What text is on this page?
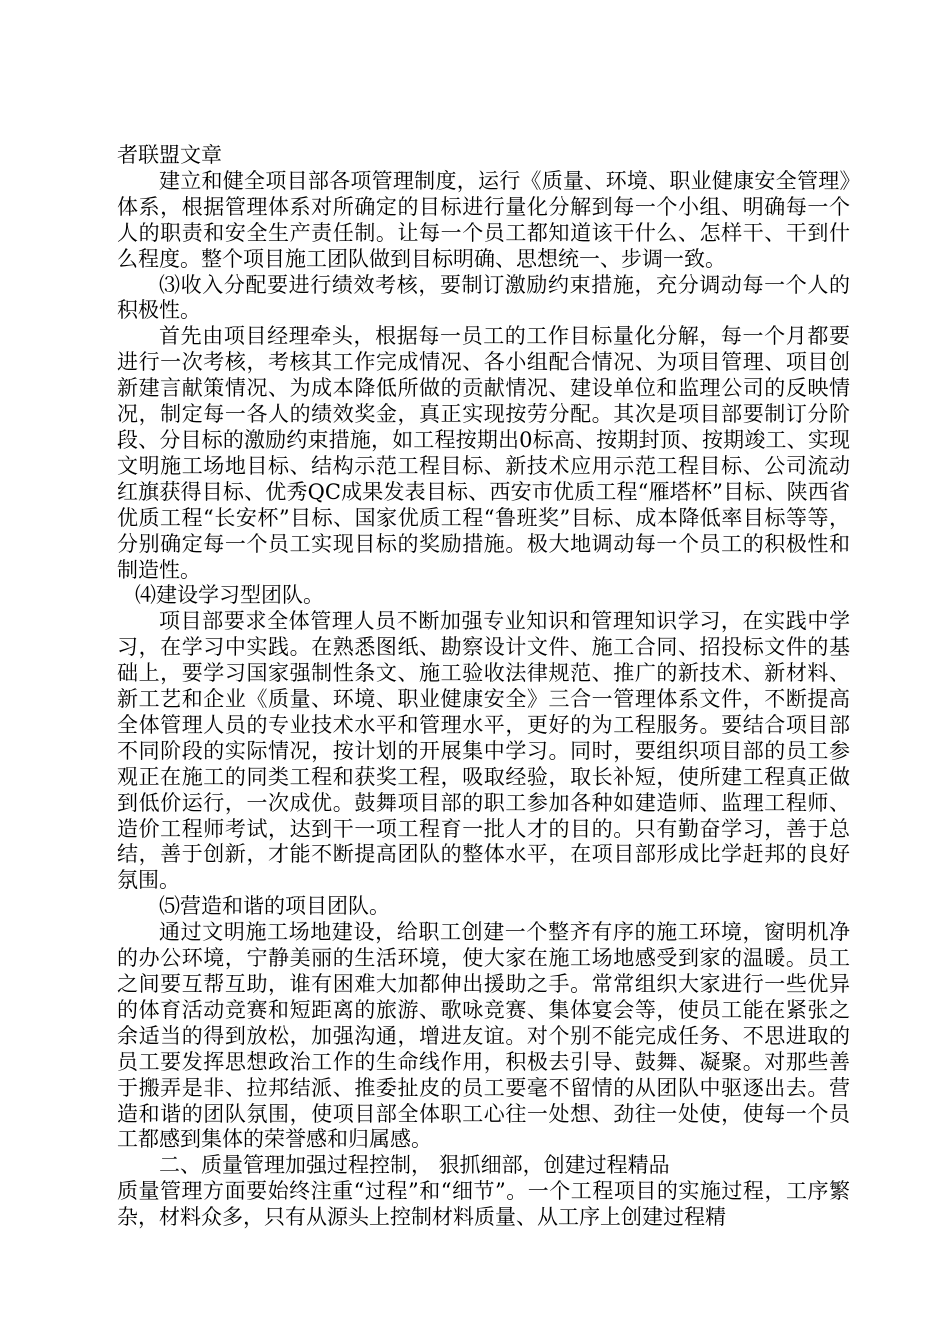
者联盟文章

建立和健全项目部各项管理制度，运行《质量、环境、职业健康安全管理》体系，根据管理体系对所确定的目标进行量化分解到每一个小组、明确每一个人的职责和安全生产责任制。让每一个员工都知道该干什么、怎样干、干到什么程度。整个项目施工团队做到目标明确、思想统一、步调一致。

⑶收入分配要进行绩效考核，要制订激励约束措施，充分调动每一个人的积极性。

首先由项目经理牵头，根据每一员工的工作目标量化分解，每一个月都要进行一次考核，考核其工作完成情况、各小组配合情况、为项目管理、项目创新建言献策情况、为成本降低所做的贡献情况、建设单位和监理公司的反映情况，制定每一各人的绩效奖金，真正实现按劳分配。其次是项目部要制订分阶段、分目标的激励约束措施，如工程按期出0标高、按期封顶、按期竣工、实现文明施工场地目标、结构示范工程目标、新技术应用示范工程目标、公司流动红旗获得目标、优秀QC成果发表目标、西安市优质工程“雁塔杯”目标、陕西省优质工程“长安杯”目标、国家优质工程“鲁班奖”目标、成本降低率目标等等，分别确定每一个员工实现目标的奖励措施。极大地调动每一个员工的积极性和制造性。

⑷建设学习型团队。

项目部要求全体管理人员不断加强专业知识和管理知识学习，在实践中学习，在学习中实践。在熟悉图纸、勘察设计文件、施工合同、招投标文件的基础上，要学习国家强制性条文、施工验收法律规范、推广的新技术、新材料、新工艺和企业《质量、环境、职业健康安全》三合一管理体系文件，不断提高全体管理人员的专业技术水平和管理水平，更好的为工程服务。要结合项目部不同阶段的实际情况，按计划的开展集中学习。同时，要组织项目部的员工参观正在施工的同类工程和获奖工程，吸取经验，取长补短，使所建工程真正做到低价运行，一次成优。鼓舞项目部的职工参加各种如建造师、监理工程师、造价工程师考试，达到干一项工程育一批人才的目的。只有勤奋学习，善于总结，善于创新，才能不断提高团队的整体水平，在项目部形成比学赶邦的良好氛围。

⑸营造和谐的项目团队。

通过文明施工场地建设，给职工创建一个整齐有序的施工环境，窗明机净的办公环境，宁静美丽的生活环境，使大家在施工场地感受到家的温暖。员工之间要互帮互助，谁有困难大加都伸出援助之手。常常组织大家进行一些优异的体育活动竞赛和短距离的旅游、歌咏竞赛、集体宴会等，使员工能在紧张之余适当的得到放松，加强沟通，增进友谊。对个别不能完成任务、不思进取的员工要发挥思想政治工作的生命线作用，积极去引导、鼓舞、凝聚。对那些善于搬弄是非、拉邦结派、推委扯皮的员工要毫不留情的从团队中驱逐出去。营造和谐的团队氛围，使项目部全体职工心往一处想、劲往一处使，使每一个员工都感到集体的荣誉感和归属感。

二、质量管理加强过程控制， 狠抓细部，创建过程精品

质量管理方面要始终注重“过程”和“细节”。一个工程项目的实施过程，工序繁杂，材料众多，只有从源头上控制材料质量、从工序上创建过程精
